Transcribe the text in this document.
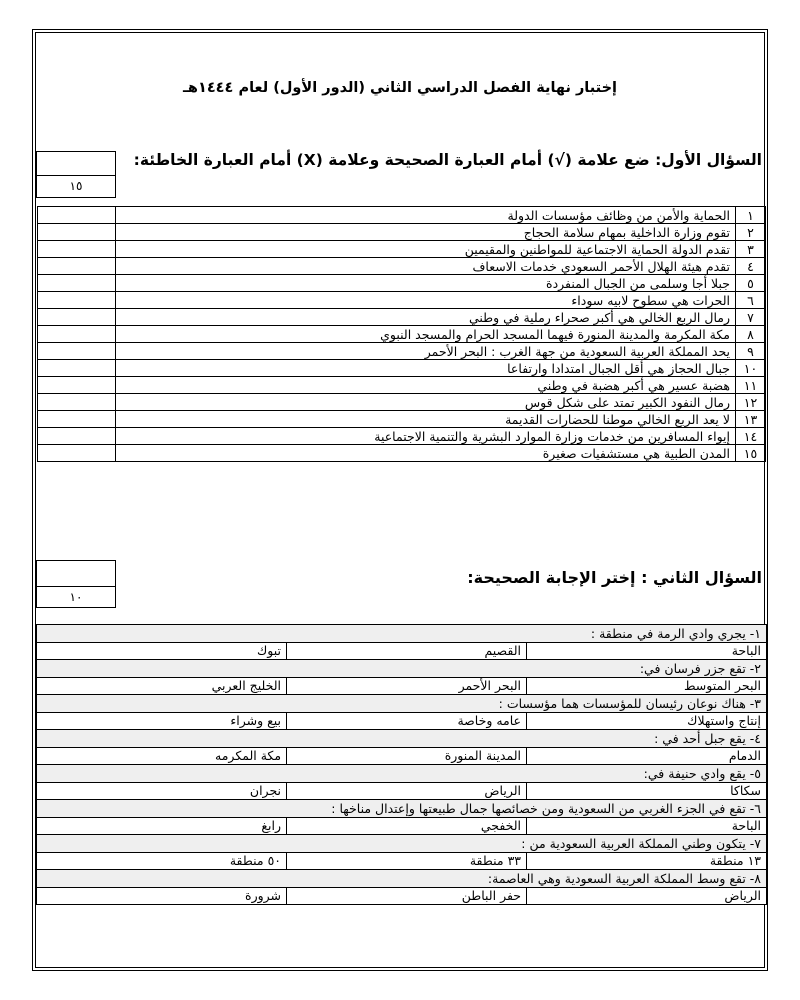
إختبار نهاية الفصل الدراسي الثاني (الدور الأول) لعام ١٤٤٤هـ
السؤال الأول: ضع علامة (√) أمام العبارة الصحيحة وعلامة (X) أمام العبارة الخاطئة:
١٥
١	الحماية والأمن من وظائف مؤسسات الدولة	
٢	تقوم وزارة الداخلية بمهام سلامة الحجاج	
٣	تقدم الدولة الحماية الاجتماعية للمواطنين والمقيمين	
٤	تقدم هيئة الهلال الأحمر السعودي خدمات الاسعاف	
٥	جبلا أجا وسلمى من الجبال المنفردة	
٦	الحرات هي سطوح لابيه سوداء	
٧	رمال الربع الخالي هي أكبر صحراء رملية في وطني	
٨	مكة المكرمة والمدينة المنورة فيهما المسجد الحرام والمسجد النبوي	
٩	يحد المملكة العربية السعودية من جهة الغرب : البحر الأحمر	
١٠	جبال الحجاز هي أقل الجبال امتدادا وارتفاعا	
١١	هضبة عسير هي أكبر هضبة في وطني	
١٢	رمال النفود الكبير تمتد على شكل قوس	
١٣	لا يعد الربع الخالي موطنا للحضارات القديمة	
١٤	إيواء المسافرين من خدمات وزارة الموارد البشرية والتنمية الاجتماعية	
١٥	المدن الطبية هي مستشفيات صغيرة	
السؤال الثاني : إختر الإجابة الصحيحة:
١٠
١- يجري وادي الرمة في منطقة :		
الباحة	القصيم	تبوك
٢- تقع جزر فرسان في:		
البحر المتوسط	البحر الأحمر	الخليج العربي
٣- هناك نوعان رئيسان للمؤسسات هما مؤسسات :		
إنتاج واستهلاك	عامه وخاصة	بيع وشراء
٤- يقع جبل أحد في :		
الدمام	المدينة المنورة	مكة المكرمه
٥- يقع وادي حنيفة في:		
سكاكا	الرياض	نجران
٦- تقع في الجزء الغربي من السعودية ومن خصائصها جمال طبيعتها وإعتدال مناخها :		
الباحة	الخفجي	رابغ
٧- يتكون وطني المملكة العربية السعودية من :		
١٣ منطقة	٣٣ منطقة	٥٠ منطقة
٨- تقع وسط المملكة العربية السعودية وهي العاصمة:		
الرياض	حفر الباطن	شرورة
